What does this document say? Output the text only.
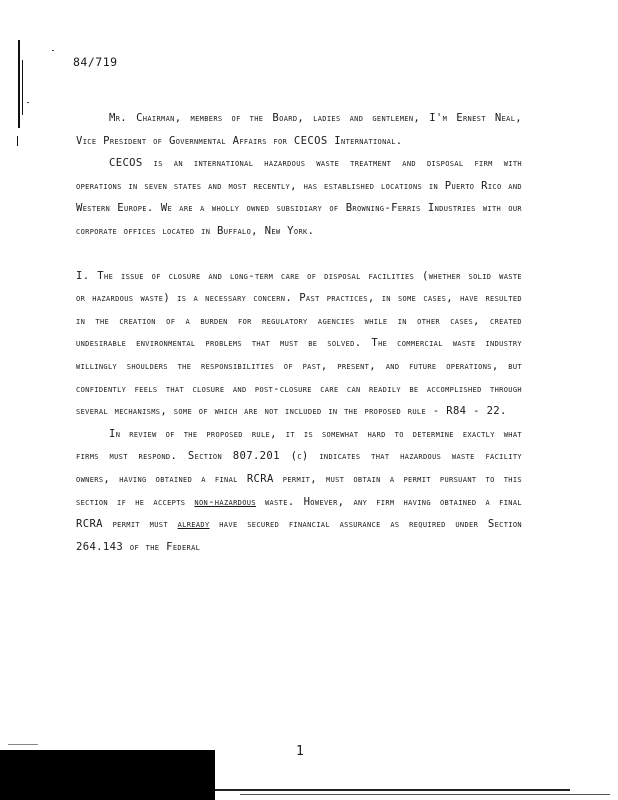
84/719

Mr. Chairman, members of the Board, ladies and gentlemen, I'm Ernest Neal, Vice President of Governmental Affairs for CECOS International.

CECOS is an international hazardous waste treatment and disposal firm with operations in seven states and most recently, has established locations in Puerto Rico and Western Europe. We are a wholly owned subsidiary of Browning-Ferris Industries with our corporate offices located in Buffalo, New York.

I. The issue of closure and long-term care of disposal facilities (whether solid waste or hazardous waste) is a necessary concern. Past practices, in some cases, have resulted in the creation of a burden for regulatory agencies while in other cases, created undesirable environmental problems that must be solved. The commercial waste industry willingly shoulders the responsibilities of past, present, and future operations, but confidently feels that closure and post-closure care can readily be accomplished through several mechanisms, some of which are not included in the proposed rule - R84 - 22.

In review of the proposed rule, it is somewhat hard to determine exactly what firms must respond. Section 807.201 (c) indicates that hazardous waste facility owners, having obtained a final RCRA permit, must obtain a permit pursuant to this section if he accepts non-hazardous waste. However, any firm having obtained a final RCRA permit must already have secured financial assurance as required under Section 264.143 of the Federal

1
